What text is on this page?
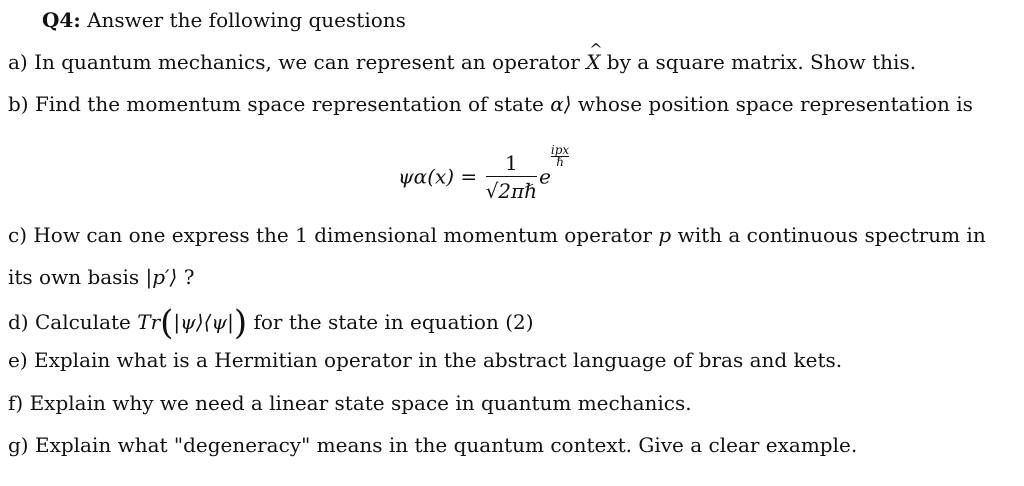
Q4: Answer the following questions
a) In quantum mechanics, we can represent an operator ^ X by a square matrix. Show this.
b) Find the momentum space representation of state α⟩ whose position space representation is
$\psi\alpha(x) = \frac{1}{\text{√2πℏ}}$ e
ipx
ℏ
c) How can one express the 1 dimensional momentum operator p with a continuous spectrum in
its own basis |p′⟩ ?
d) Calculate Tr(|ψ⟩⟨ψ|) for the state in equation (2)
e) Explain what is a Hermitian operator in the abstract language of bras and kets.
f) Explain why we need a linear state space in quantum mechanics.
g) Explain what "degeneracy" means in the quantum context. Give a clear example.
